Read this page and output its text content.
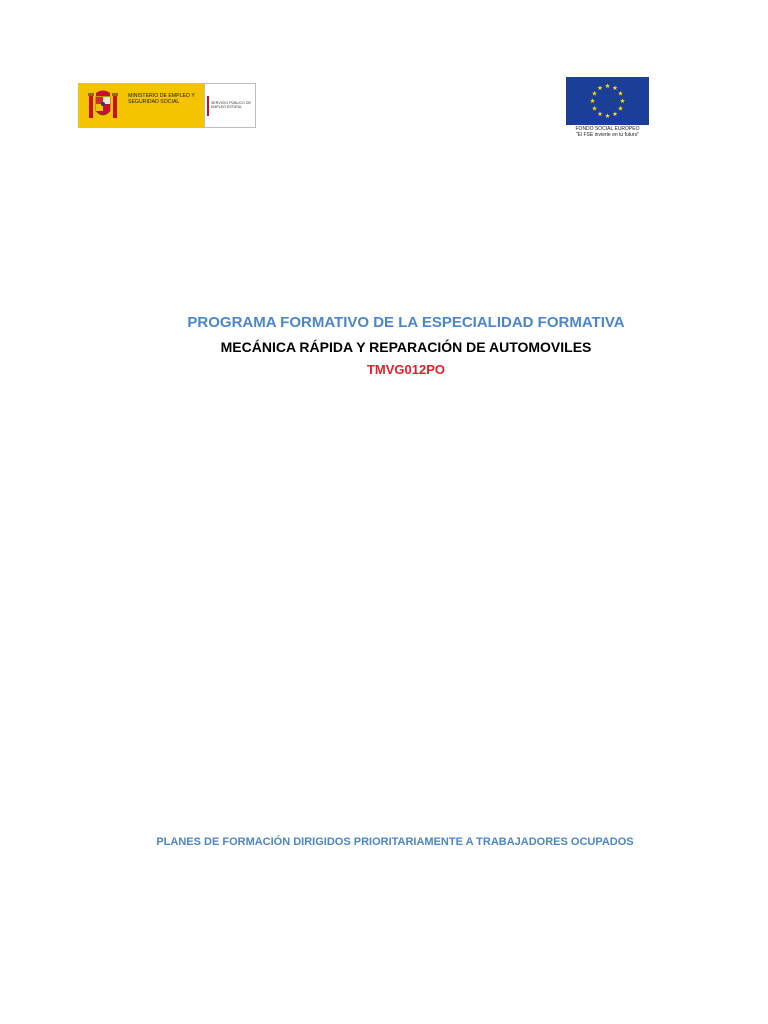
MINISTERIO DE EMPLEO Y SEGURIDAD SOCIAL	SERVICIO PÚBLICO DE EMPLEO ESTATAL
FONDO SOCIAL EUROPEO
"El FSE invierte en tu futuro"
PROGRAMA FORMATIVO DE LA ESPECIALIDAD FORMATIVA
MECÁNICA RÁPIDA Y REPARACIÓN DE AUTOMOVILES
TMVG012PO
PLANES DE FORMACIÓN DIRIGIDOS PRIORITARIAMENTE A TRABAJADORES OCUPADOS
